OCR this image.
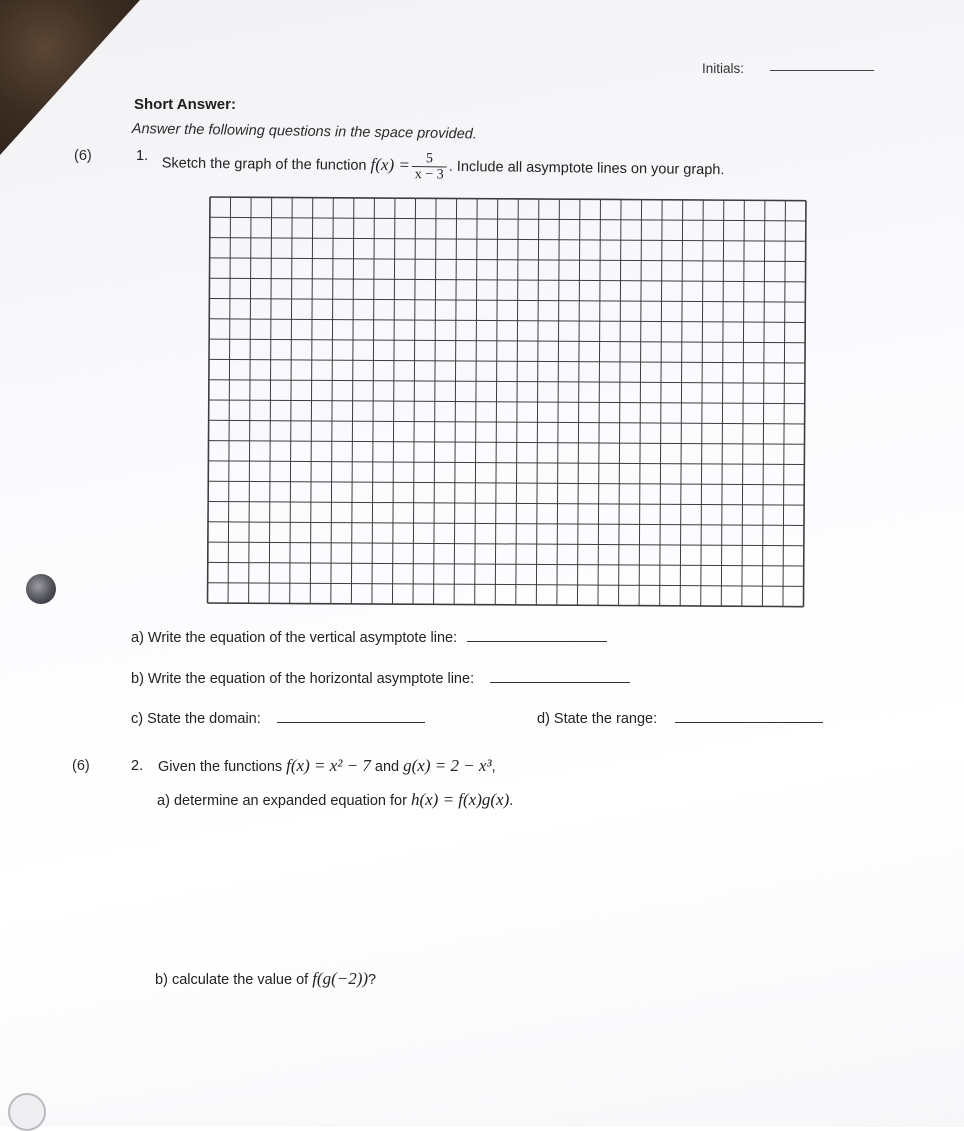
Initials:
Short Answer:
Answer the following questions in the space provided.
(6)	1. Sketch the graph of the function $f(x) = \frac{5}{x - 3}$ . Include all asymptote lines on your graph.
a) Write the equation of the vertical asymptote line:
b) Write the equation of the horizontal asymptote line:
c) State the domain:	d) State the range:
(6)	2. Given the functions f(x) = x² − 7 and g(x) = 2 − x³,
a) determine an expanded equation for h(x) = f(x)g(x).
b) calculate the value of f(g(−2))?
